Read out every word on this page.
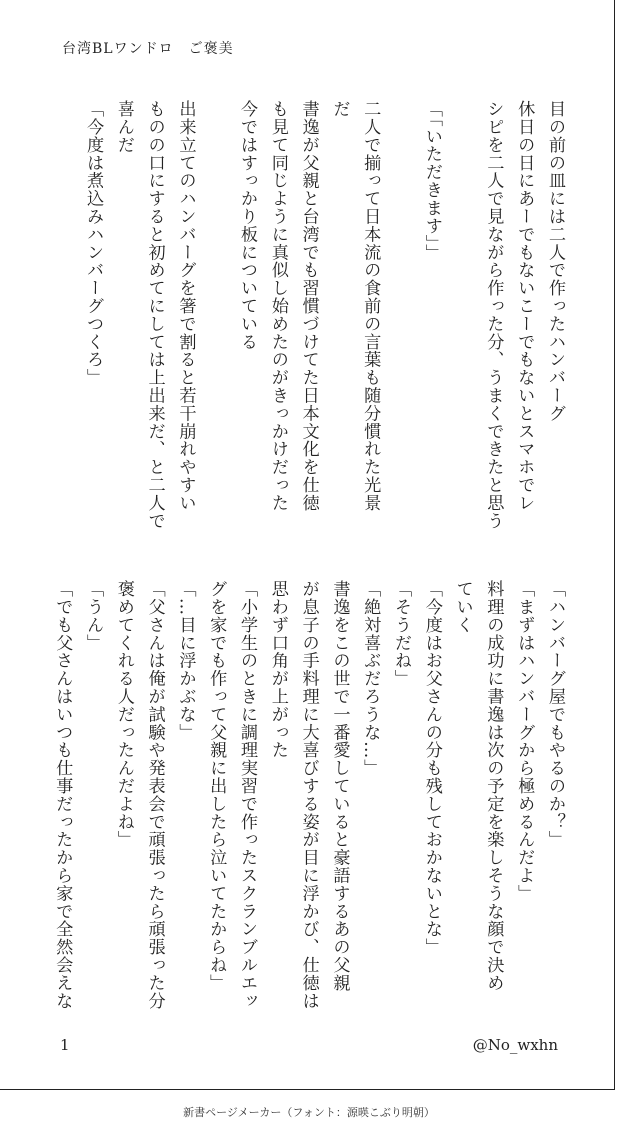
台湾BLワンドロ　ご褒美
目の前の皿には二人で作ったハンバーグ
休日の日にあーでもないこーでもないとスマホでレ
シピを二人で見ながら作った分、うまくできたと思う

「「いただきます」」

二人で揃って日本流の食前の言葉も随分慣れた光景
だ
書逸が父親と台湾でも習慣づけてた日本文化を仕徳
も見て同じように真似し始めたのがきっかけだった
今ではすっかり板についている

出来立てのハンバーグを箸で割ると若干崩れやすい
ものの口にすると初めてにしては上出来だ、と二人で
喜んだ
「今度は煮込みハンバーグつくろ」
「ハンバーグ屋でもやるのか？」
「まずはハンバーグから極めるんだよ」
料理の成功に書逸は次の予定を楽しそうな顔で決め
ていく
「今度はお父さんの分も残しておかないとな」
「そうだね」
「絶対喜ぶだろうな…」
書逸をこの世で一番愛していると豪語するあの父親
が息子の手料理に大喜びする姿が目に浮かび、仕徳は
思わず口角が上がった
「小学生のときに調理実習で作ったスクランブルエッ
グを家でも作って父親に出したら泣いてたからね」
「…目に浮かぶな」
「父さんは俺が試験や発表会で頑張ったら頑張った分
褒めてくれる人だったんだよね」
「うん」
「でも父さんはいつも仕事だったから家で全然会えな
1	@No_wxhn
新書ページメーカー（フォント：源暎こぶり明朝）
